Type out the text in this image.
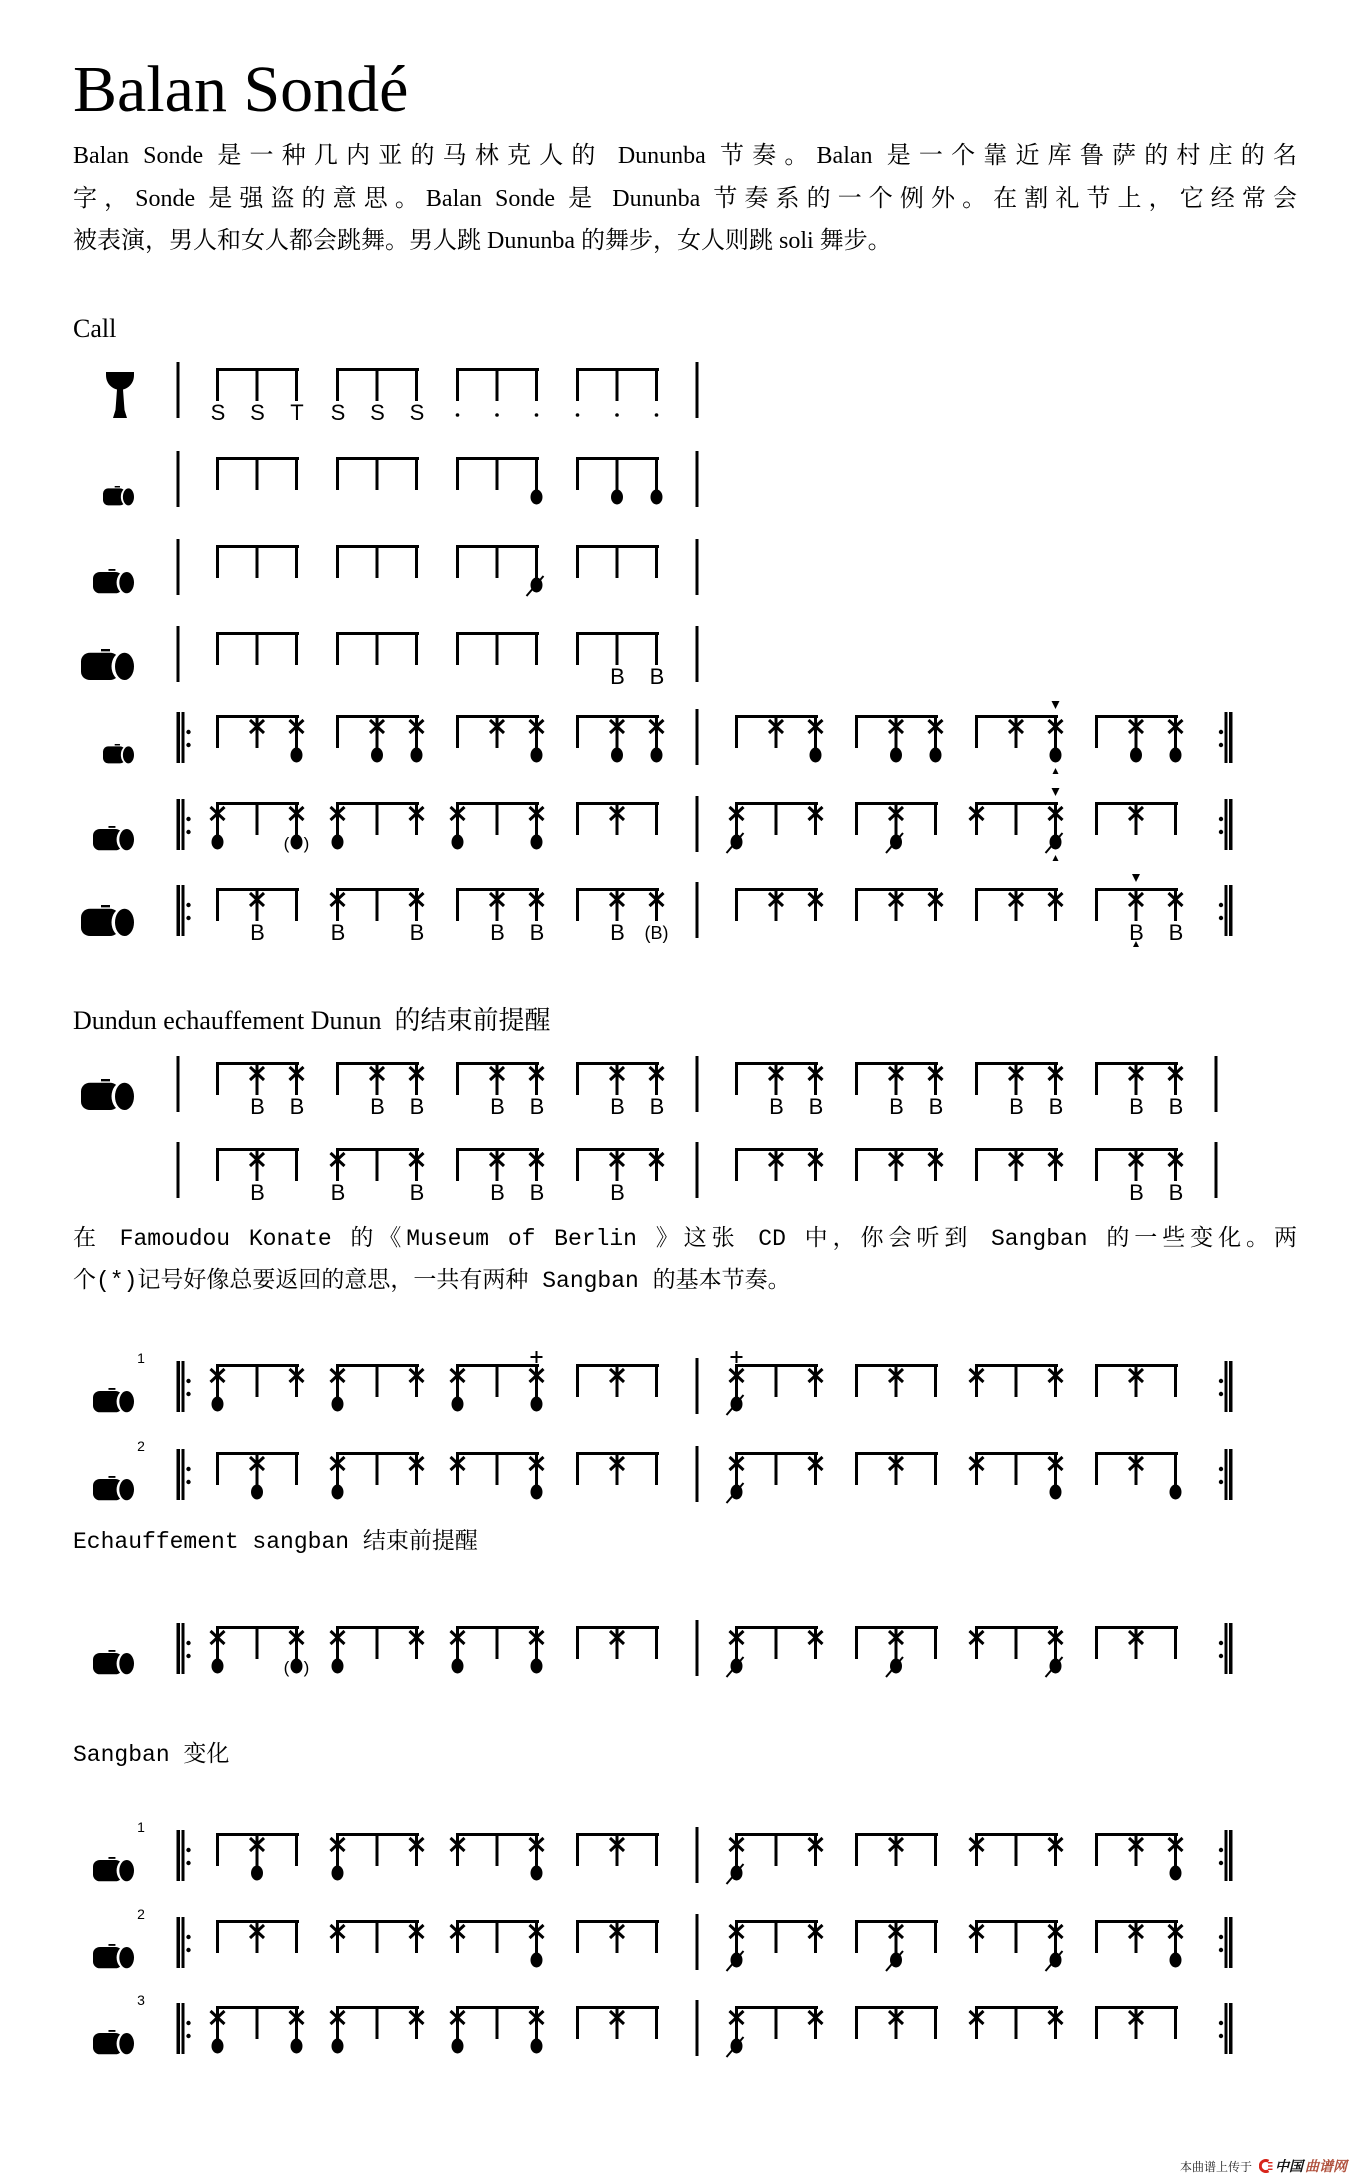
Balan Sondé
Balan Sonde 是一种几内亚的马林克人的 Dununba 节奏。Balan 是一个靠近库鲁萨的村庄的名
字，Sonde 是强盗的意思。Balan Sonde 是 Dununba 节奏系的一个例外。在割礼节上，它经常会
被表演，男人和女人都会跳舞。男人跳 Dununba 的舞步，女人则跳 soli 舞步。
Call
S S T S S S
B B
( )
B	B	B	B B	B (B)	B B
Dundun echauffement Dunun  的结束前提醒
B B	B B	B B	B B	B B	B B	B B	B B
B	B	B	B B	B	B B
在 Famoudou Konate 的《Museum of Berlin 》这张 CD 中，你会听到 Sangban 的一些变化。两
个(*)记号好像总要返回的意思，一共有两种 Sangban 的基本节奏。
1
2
Echauffement sangban 结束前提醒
( )
Sangban 变化
1
2
3
本曲谱上传于 中国 曲谱网
